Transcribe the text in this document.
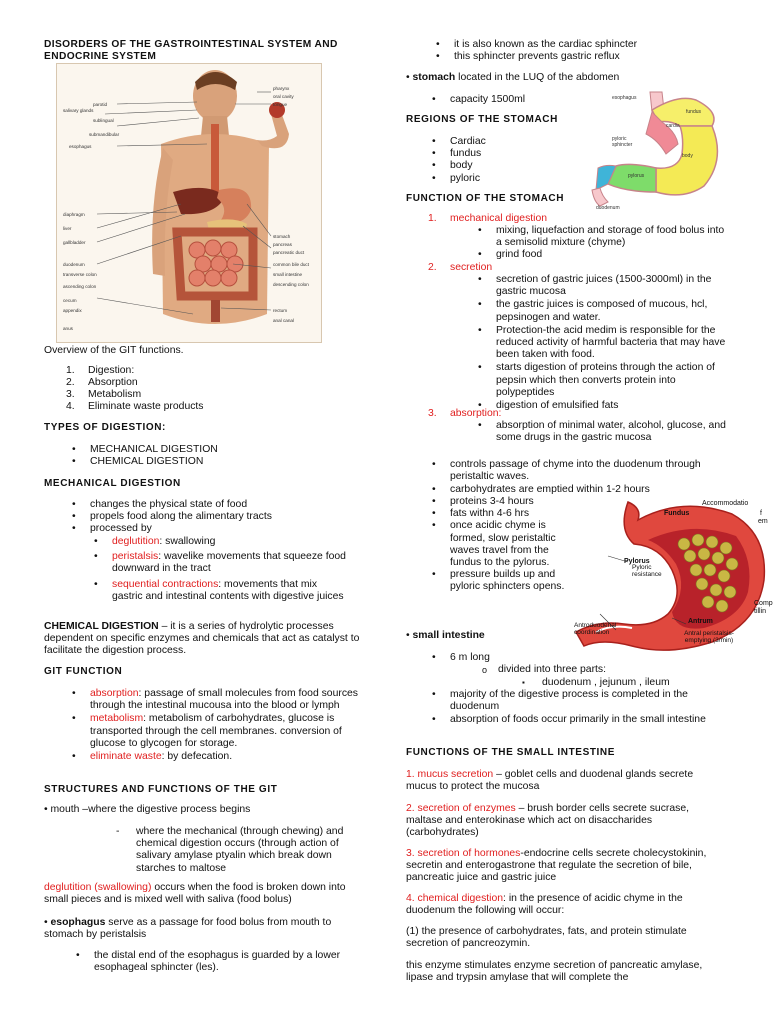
DISORDERS OF THE GASTROINTESTINAL SYSTEM AND
ENDOCRINE SYSTEM
salivary glands
parotid
sublingual
submandibular
esophagus
diaphragm
liver
gallbladder
duodenum
transverse colon
ascending colon
cecum
appendix
anus
pharynx
oral cavity
tongue
stomach
pancreas
pancreatic duct
common bile duct
small intestine
descending colon
rectum
anal canal

Overview of the GIT functions.

1. Digestion:
2. Absorption
3. Metabolism
4. Eliminate waste products
TYPES OF DIGESTION:
• MECHANICAL DIGESTION
• CHEMICAL DIGESTION
MECHANICAL DIGESTION
• changes the physical state of food
• propels food along the alimentary tracts
• processed by
• deglutition: swallowing
• peristalsis: wavelike movements that squeeze food downward in the tract
• sequential contractions: movements that mix gastric and intestinal contents with digestive juices

CHEMICAL DIGESTION – it is a series of hydrolytic processes dependent on specific enzymes and chemicals that act as catalyst to facilitate the digestion process.

GIT FUNCTION
• absorption: passage of small molecules from food sources through the intestinal mucousa into the blood or lymph
• metabolism: metabolism of carbohydrates, glucose is transported through the cell membranes. conversion of glucose to glycogen for storage.
• eliminate waste: by defecation.
STRUCTURES AND FUNCTIONS OF THE GIT

• mouth –where the digestive process begins

- where the mechanical (through chewing) and chemical digestion occurs (through action of salivary amylase ptyalin which break down starches to maltose

deglutition (swallowing) occurs when the food is broken down into small pieces and is mixed well with saliva (food bolus)

• esophagus serve as a passage for food bolus from mouth to stomach by peristalsis

• the distal end of the esophagus is guarded by a lower esophageal sphincter (les).
• it is also known as the cardiac sphincter
• this sphincter prevents gastric reflux

• stomach located in the LUQ of the abdomen

• capacity 1500ml
REGIONS OF THE STOMACH
• Cardiac
• fundus
• body
• pyloric
esophagus
cardia
fundus
pyloric sphincter
body
pylorus
duodenum
FUNCTION OF THE STOMACH
1. mechanical digestion
• mixing, liquefaction and storage of food bolus into a semisolid mixture (chyme)
• grind food
2. secretion
• secretion of gastric juices (1500-3000ml) in the gastric mucosa
• the gastric juices is composed of mucous, hcl, pepsinogen and water.
• Protection-the acid medim is responsible for the reduced activity of harmful bacteria that may have been taken with food.
• starts digestion of proteins through the action of pepsin which then converts protein into polypeptides
• digestion of emulsified fats
3. absorption:
• absorption of minimal water, alcohol, glucose, and some drugs in the gastric mucosa
• controls passage of chyme into the duodenum through peristaltic waves.
• carbohydrates are emptied within 1-2 hours
• proteins 3-4 hours
• fats withn 4-6 hrs
• once acidic chyme is formed, slow peristaltic waves travel from the fundus to the pylorus.
• pressure builds up and pyloric sphincters opens.
Fundus
Accommodatio
f
em
Pylorus
Pyloric resistance
Comp
tillin
Antrum
Antroduodenal coordination	Antral peristalsis-emptying (3/min)

• small intestine

• 6 m long
o divided into three parts:
▪ duodenum , jejunum , ileum
• majority of the digestive process is completed in the duodenum
• absorption of foods occur primarily in the small intestine
FUNCTIONS OF THE SMALL INTESTINE

1. mucus secretion – goblet cells and duodenal glands secrete mucus to protect the mucosa

2. secretion of enzymes – brush border cells secrete sucrase, maltase and enterokinase which act on disaccharides (carbohydrates)

3. secretion of hormones-endocrine cells secrete cholecystokinin, secretin and enterogastrone that regulate the secretion of bile, pancreatic juice and gastric juice

4. chemical digestion: in the presence of acidic chyme in the duodenum the following will occur:

(1) the presence of carbohydrates, fats, and protein stimulate secretion of pancreozymin.

this enzyme stimulates enzyme secretion of pancreatic amylase, lipase and trypsin amylase that will complete the
